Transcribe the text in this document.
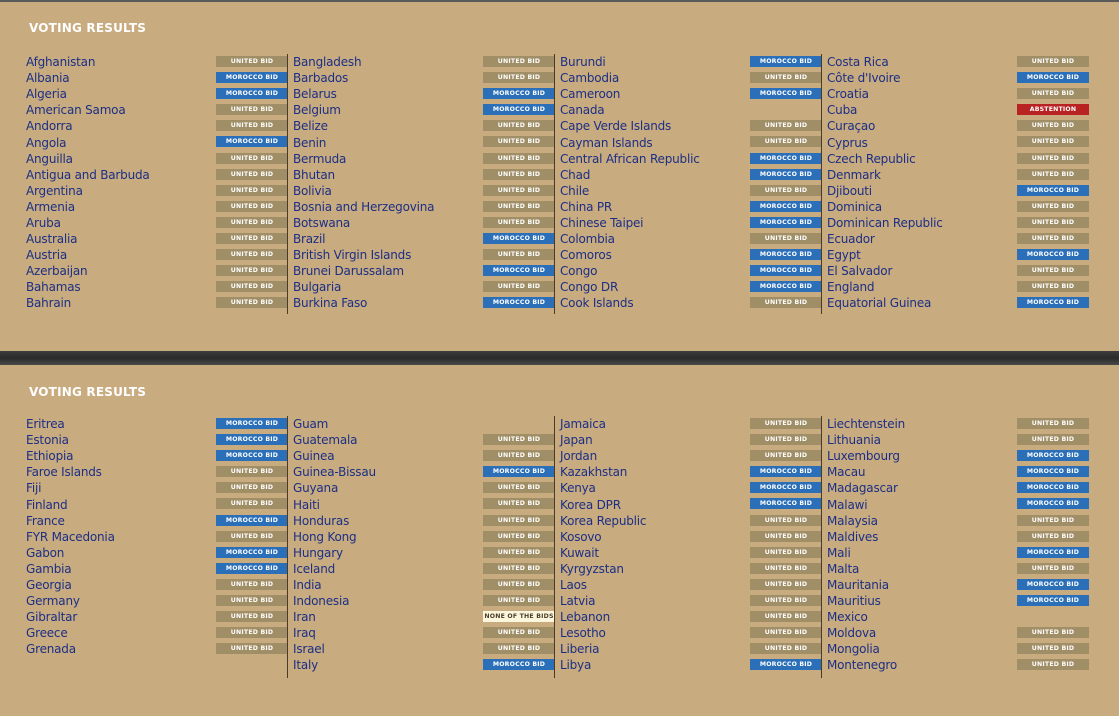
VOTING RESULTS
Afghanistan	UNITED BID
Albania	MOROCCO BID
Algeria	MOROCCO BID
American Samoa	UNITED BID
Andorra	UNITED BID
Angola	MOROCCO BID
Anguilla	UNITED BID
Antigua and Barbuda	UNITED BID
Argentina	UNITED BID
Armenia	UNITED BID
Aruba	UNITED BID
Australia	UNITED BID
Austria	UNITED BID
Azerbaijan	UNITED BID
Bahamas	UNITED BID
Bahrain	UNITED BID
Bangladesh	UNITED BID
Barbados	UNITED BID
Belarus	MOROCCO BID
Belgium	MOROCCO BID
Belize	UNITED BID
Benin	UNITED BID
Bermuda	UNITED BID
Bhutan	UNITED BID
Bolivia	UNITED BID
Bosnia and Herzegovina	UNITED BID
Botswana	UNITED BID
Brazil	MOROCCO BID
British Virgin Islands	UNITED BID
Brunei Darussalam	MOROCCO BID
Bulgaria	UNITED BID
Burkina Faso	MOROCCO BID
Burundi	MOROCCO BID
Cambodia	UNITED BID
Cameroon	MOROCCO BID
Canada
Cape Verde Islands	UNITED BID
Cayman Islands	UNITED BID
Central African Republic	MOROCCO BID
Chad	MOROCCO BID
Chile	UNITED BID
China PR	MOROCCO BID
Chinese Taipei	MOROCCO BID
Colombia	UNITED BID
Comoros	MOROCCO BID
Congo	MOROCCO BID
Congo DR	MOROCCO BID
Cook Islands	UNITED BID
Costa Rica	UNITED BID
Côte d'Ivoire	MOROCCO BID
Croatia	UNITED BID
Cuba	ABSTENTION
Curaçao	UNITED BID
Cyprus	UNITED BID
Czech Republic	UNITED BID
Denmark	UNITED BID
Djibouti	MOROCCO BID
Dominica	UNITED BID
Dominican Republic	UNITED BID
Ecuador	UNITED BID
Egypt	MOROCCO BID
El Salvador	UNITED BID
England	UNITED BID
Equatorial Guinea	MOROCCO BID
VOTING RESULTS
Eritrea	MOROCCO BID
Estonia	MOROCCO BID
Ethiopia	MOROCCO BID
Faroe Islands	UNITED BID
Fiji	UNITED BID
Finland	UNITED BID
France	MOROCCO BID
FYR Macedonia	UNITED BID
Gabon	MOROCCO BID
Gambia	MOROCCO BID
Georgia	UNITED BID
Germany	UNITED BID
Gibraltar	UNITED BID
Greece	UNITED BID
Grenada	UNITED BID
Guam
Guatemala	UNITED BID
Guinea	UNITED BID
Guinea-Bissau	MOROCCO BID
Guyana	UNITED BID
Haiti	UNITED BID
Honduras	UNITED BID
Hong Kong	UNITED BID
Hungary	UNITED BID
Iceland	UNITED BID
India	UNITED BID
Indonesia	UNITED BID
Iran	NONE OF THE BIDS
Iraq	UNITED BID
Israel	UNITED BID
Italy	MOROCCO BID
Jamaica	UNITED BID
Japan	UNITED BID
Jordan	UNITED BID
Kazakhstan	MOROCCO BID
Kenya	MOROCCO BID
Korea DPR	MOROCCO BID
Korea Republic	UNITED BID
Kosovo	UNITED BID
Kuwait	UNITED BID
Kyrgyzstan	UNITED BID
Laos	UNITED BID
Latvia	UNITED BID
Lebanon	UNITED BID
Lesotho	UNITED BID
Liberia	UNITED BID
Libya	MOROCCO BID
Liechtenstein	UNITED BID
Lithuania	UNITED BID
Luxembourg	MOROCCO BID
Macau	MOROCCO BID
Madagascar	MOROCCO BID
Malawi	MOROCCO BID
Malaysia	UNITED BID
Maldives	UNITED BID
Mali	MOROCCO BID
Malta	UNITED BID
Mauritania	MOROCCO BID
Mauritius	MOROCCO BID
Mexico
Moldova	UNITED BID
Mongolia	UNITED BID
Montenegro	UNITED BID
